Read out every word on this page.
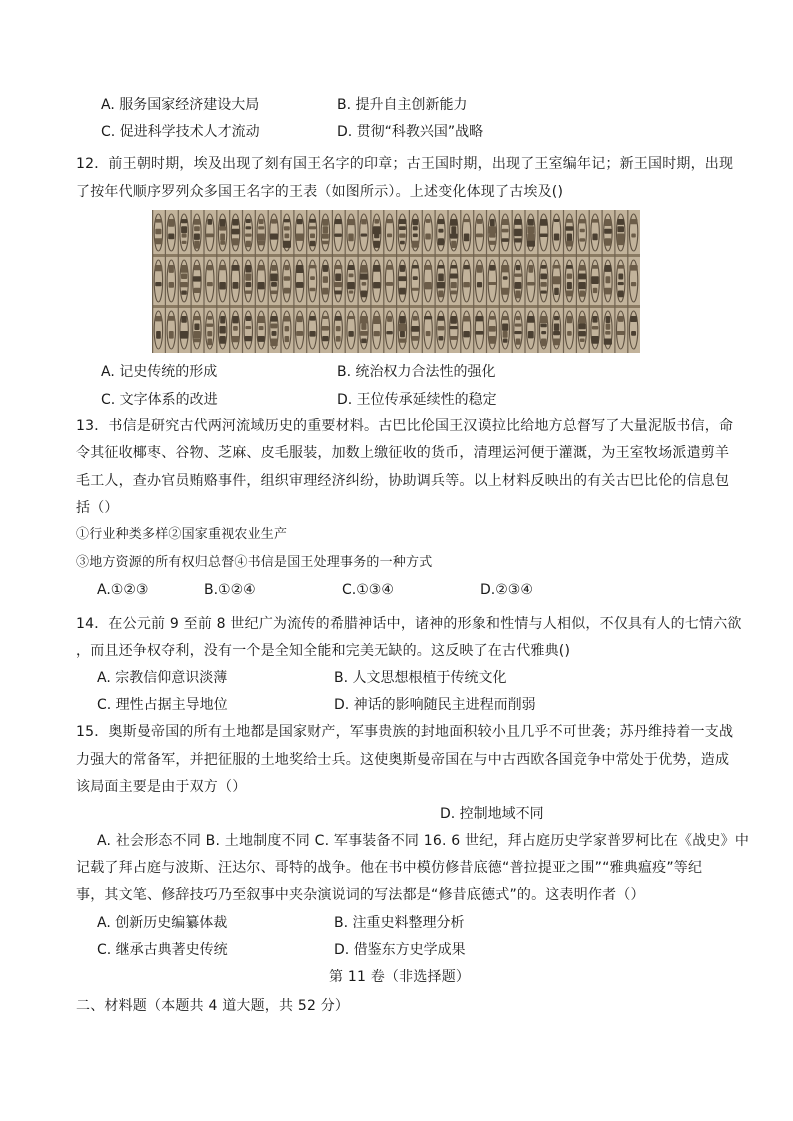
A. 服务国家经济建设大局	B. 提升自主创新能力
C. 促进科学技术人才流动	D. 贯彻“科教兴国”战略
12．前王朝时期，埃及出现了刻有国王名字的印章；古王国时期，出现了王室编年记；新王国时期，出现
了按年代顺序罗列众多国王名字的王表（如图所示）。上述变化体现了古埃及()
A. 记史传统的形成	B. 统治权力合法性的强化
C. 文字体系的改进	D. 王位传承延续性的稳定
13．书信是研究古代两河流域历史的重要材料。古巴比伦国王汉谟拉比给地方总督写了大量泥版书信，命
令其征收椰枣、谷物、芝麻、皮毛服装，加数上缴征收的货币，清理运河便于灌溉，为王室牧场派遣剪羊
毛工人，查办官员贿赂事件，组织审理经济纠纷，协助调兵等。以上材料反映出的有关古巴比伦的信息包
括（）
①行业种类多样②国家重视农业生产
③地方资源的所有权归总督④书信是国王处理事务的一种方式
A.①②③	B.①②④	C.①③④	D.②③④
14．在公元前 9 至前 8 世纪广为流传的希腊神话中，诸神的形象和性情与人相似，不仅具有人的七情六欲
，而且还争权夺利，没有一个是全知全能和完美无缺的。这反映了在古代雅典()
A. 宗教信仰意识淡薄	B. 人文思想根植于传统文化
C. 理性占据主导地位	D. 神话的影响随民主进程而削弱
15．奥斯曼帝国的所有土地都是国家财产，军事贵族的封地面积较小且几乎不可世袭；苏丹维持着一支战
力强大的常备军，并把征服的土地奖给士兵。这使奥斯曼帝国在与中古西欧各国竞争中常处于优势，造成
该局面主要是由于双方（）
D. 控制地域不同
A. 社会形态不同 B. 土地制度不同 C. 军事装备不同 16. 6 世纪，拜占庭历史学家普罗柯比在《战史》中
记载了拜占庭与波斯、汪达尔、哥特的战争。他在书中模仿修昔底德“普拉提亚之围”“雅典瘟疫”等纪
事，其文笔、修辞技巧乃至叙事中夹杂演说词的写法都是“修昔底德式”的。这表明作者（）
A. 创新历史编纂体裁	B. 注重史料整理分析
C. 继承古典著史传统	D. 借鉴东方史学成果
第 11 卷（非选择题）
二、材料题（本题共 4 道大题，共 52 分）
